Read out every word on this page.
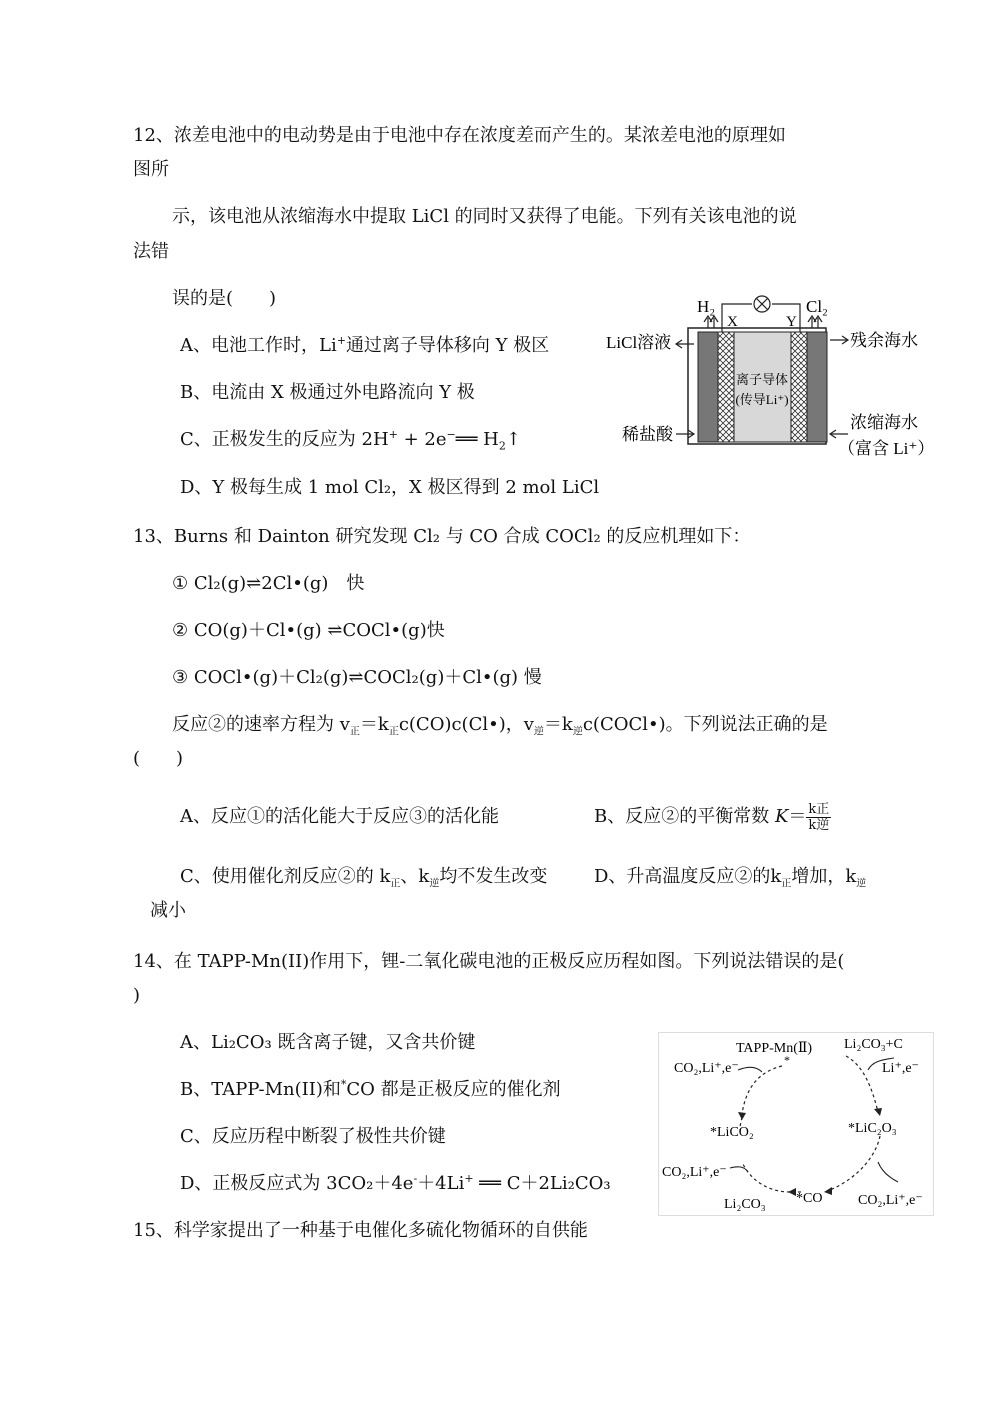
12、浓差电池中的电动势是由于电池中存在浓度差而产生的。某浓差电池的原理如
图所
示，该电池从浓缩海水中提取 LiCl 的同时又获得了电能。下列有关该电池的说
法错
误的是(　　)
A、电池工作时，Li+通过离子导体移向 Y 极区
B、电流由 X 极通过外电路流向 Y 极
C、正极发生的反应为 2H+ + 2e−══ $H_2↑$
D、Y 极每生成 1 mol Cl₂，X 极区得到 2 mol LiCl
H₂	Cl₂
X	Y
LiCl溶液	残余海水
稀盐酸
浓缩海水
（富含 Li⁺）
离子导体
(传导Li⁺)
13、Burns 和 Dainton 研究发现 Cl₂ 与 CO 合成 COCl₂ 的反应机理如下：
① Cl₂(g)⇌2Cl•(g)　快
② CO(g)＋Cl•(g) ⇌COCl•(g)快
③ COCl•(g)＋Cl₂(g)⇌COCl₂(g)＋Cl•(g) 慢
反应②的速率方程为 $v_正=k_正c(CO)c(Cl•)$，$v_逆=k_逆c(COCl•)$。下列说法正确的是
(　　)
A、反应①的活化能大于反应③的活化能	B、反应②的平衡常数 $K= \frac{\text{k正}}{\text{k逆}}$
C、使用催化剂反应②的 $k_正$、$k_逆$均不发生改变	D、升高温度反应②的$k_正$增加，$k_逆$
减小
14、在 TAPP-Mn(II)作用下，锂-二氧化碳电池的正极反应历程如图。下列说法错误的是(
)
A、Li₂CO₃ 既含离子键，又含共价键
B、TAPP-Mn(II)和*CO 都是正极反应的催化剂
C、反应历程中断裂了极性共价键
D、正极反应式为 3CO₂＋4e-＋4Li+ ══ C＋2Li₂CO₃
TAPP-Mn(Ⅱ)
*
Li₂CO₃+C
Li⁺,e⁻
CO₂,Li⁺,e⁻
*LiCO₂	*LiC₂O₃
CO₂,Li⁺,e⁻
Li₂CO₃ *CO	CO₂,Li⁺,e⁻
15、科学家提出了一种基于电催化多硫化物循环的自供能
